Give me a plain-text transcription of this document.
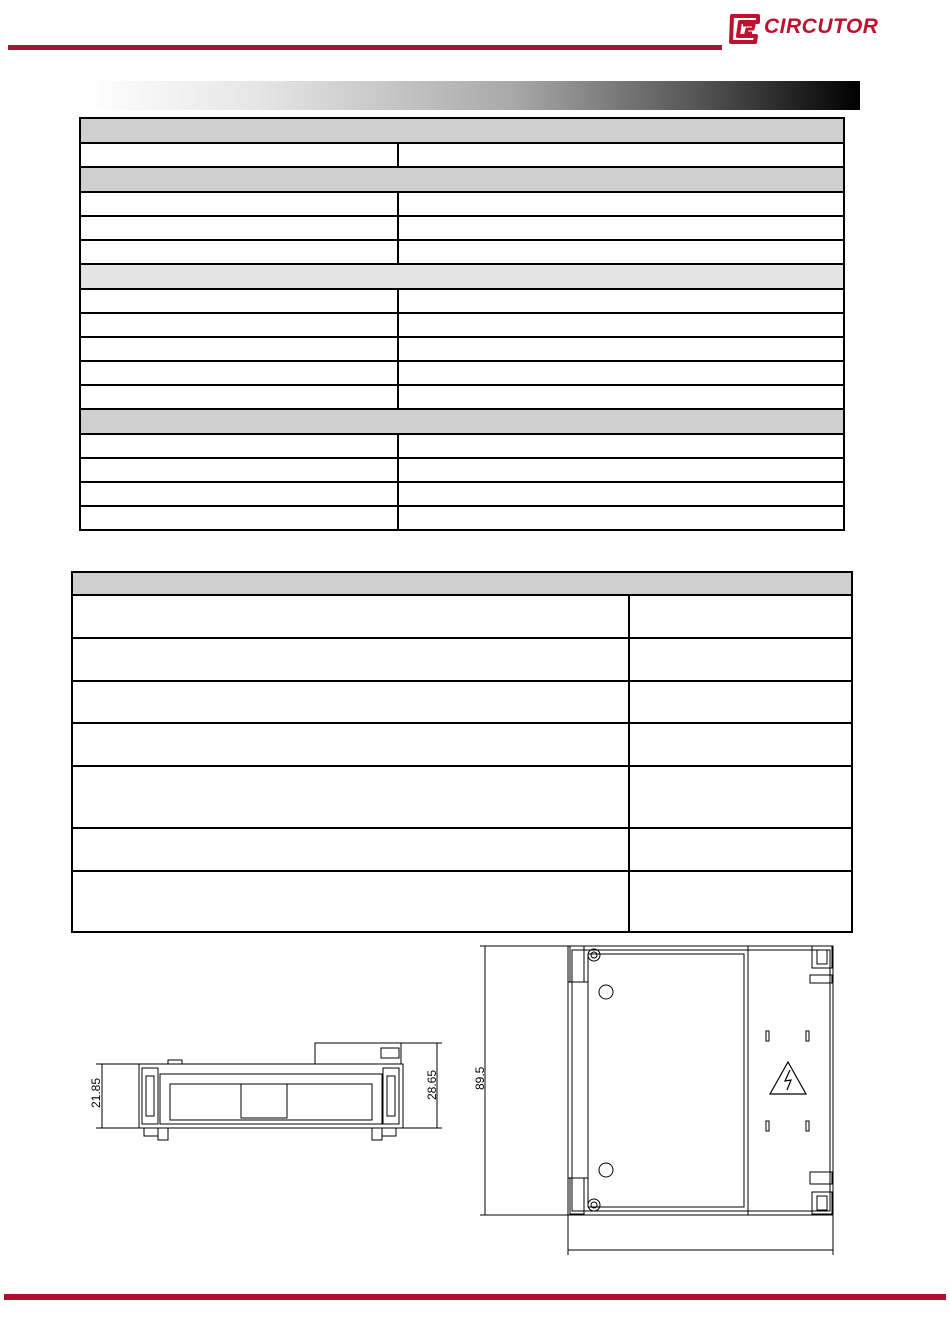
CIRCUTOR

21.85	28.65	89.5
